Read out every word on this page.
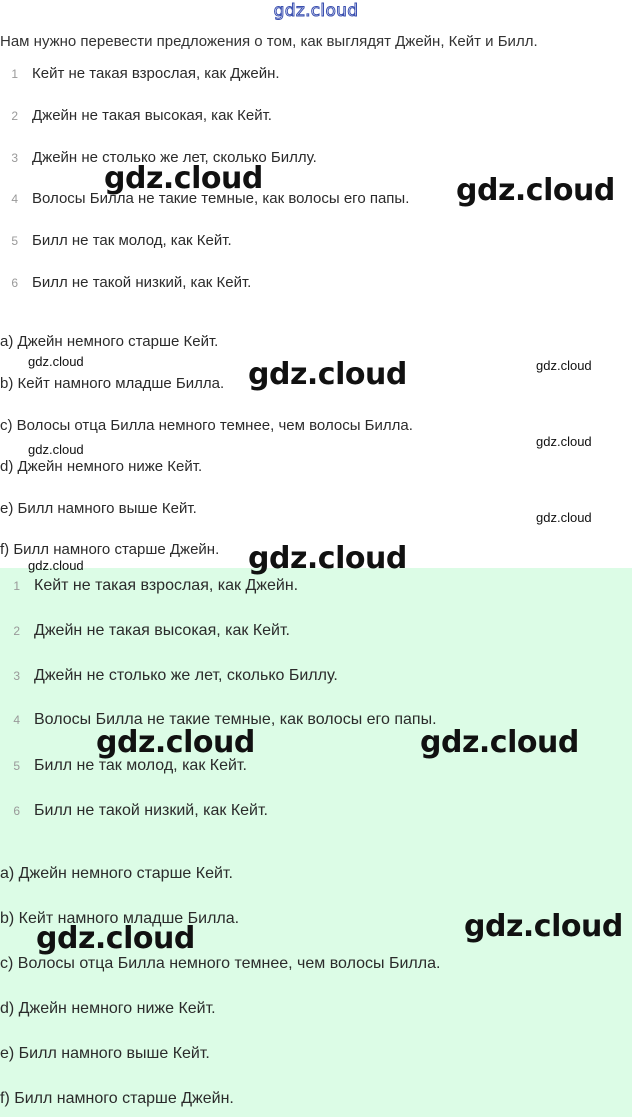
gdz.cloud
Нам нужно перевести предложения о том, как выглядят Джейн, Кейт и Билл.
1 Кейт не такая взрослая, как Джейн.
2 Джейн не такая высокая, как Кейт.
3 Джейн не столько же лет, сколько Биллу.
4 Волосы Билла не такие темные, как волосы его папы.
5 Билл не так молод, как Кейт.
6 Билл не такой низкий, как Кейт.
a) Джейн немного старше Кейт.
b) Кейт намного младше Билла.
c) Волосы отца Билла немного темнее, чем волосы Билла.
d) Джейн немного ниже Кейт.
e) Билл намного выше Кейт.
f) Билл намного старше Джейн.
1 Кейт не такая взрослая, как Джейн.
2 Джейн не такая высокая, как Кейт.
3 Джейн не столько же лет, сколько Биллу.
4 Волосы Билла не такие темные, как волосы его папы.
5 Билл не так молод, как Кейт.
6 Билл не такой низкий, как Кейт.
a) Джейн немного старше Кейт.
b) Кейт намного младше Билла.
c) Волосы отца Билла немного темнее, чем волосы Билла.
d) Джейн немного ниже Кейт.
e) Билл намного выше Кейт.
f) Билл намного старше Джейн.
gdz.cloud	gdz.cloud
gdz.cloud	gdz.cloud	gdz.cloud
gdz.cloud
gdz.cloud
gdz.cloud
gdz.cloud
gdz.cloud
gdz.cloud	gdz.cloud
gdz.cloud
gdz.cloud
